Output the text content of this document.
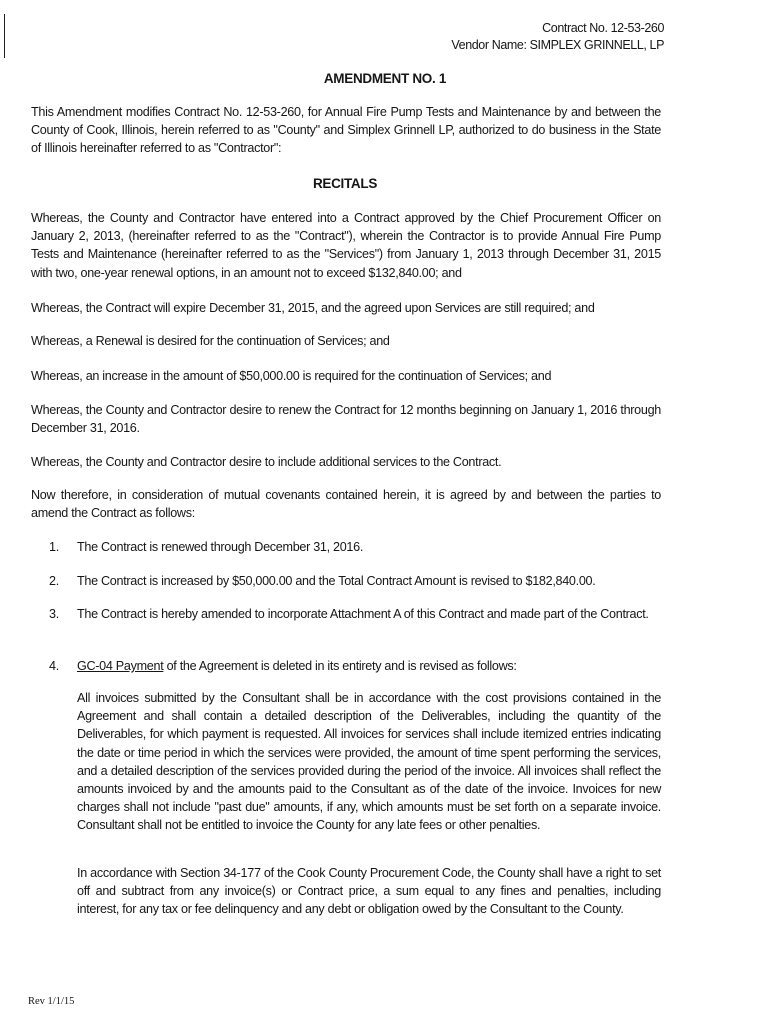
Contract No. 12-53-260
Vendor Name: SIMPLEX GRINNELL, LP
AMENDMENT NO. 1
This Amendment modifies Contract No. 12-53-260, for Annual Fire Pump Tests and Maintenance by and between the County of Cook, Illinois, herein referred to as "County" and Simplex Grinnell LP, authorized to do business in the State of Illinois hereinafter referred to as "Contractor":
RECITALS
Whereas, the County and Contractor have entered into a Contract approved by the Chief Procurement Officer on January 2, 2013, (hereinafter referred to as the "Contract"), wherein the Contractor is to provide Annual Fire Pump Tests and Maintenance (hereinafter referred to as the "Services") from January 1, 2013 through December 31, 2015 with two, one-year renewal options, in an amount not to exceed $132,840.00; and
Whereas, the Contract will expire December 31, 2015, and the agreed upon Services are still required; and
Whereas, a Renewal is desired for the continuation of Services; and
Whereas, an increase in the amount of $50,000.00 is required for the continuation of Services; and
Whereas, the County and Contractor desire to renew the Contract for 12 months beginning on January 1, 2016 through December 31, 2016.
Whereas, the County and Contractor desire to include additional services to the Contract.
Now therefore, in consideration of mutual covenants contained herein, it is agreed by and between the parties to amend the Contract as follows:
1.	The Contract is renewed through December 31, 2016.
2.	The Contract is increased by $50,000.00 and the Total Contract Amount is revised to $182,840.00.
3.	The Contract is hereby amended to incorporate Attachment A of this Contract and made part of the Contract.
4.	GC-04 Payment of the Agreement is deleted in its entirety and is revised as follows:
All invoices submitted by the Consultant shall be in accordance with the cost provisions contained in the Agreement and shall contain a detailed description of the Deliverables, including the quantity of the Deliverables, for which payment is requested. All invoices for services shall include itemized entries indicating the date or time period in which the services were provided, the amount of time spent performing the services, and a detailed description of the services provided during the period of the invoice. All invoices shall reflect the amounts invoiced by and the amounts paid to the Consultant as of the date of the invoice. Invoices for new charges shall not include "past due" amounts, if any, which amounts must be set forth on a separate invoice. Consultant shall not be entitled to invoice the County for any late fees or other penalties.
In accordance with Section 34-177 of the Cook County Procurement Code, the County shall have a right to set off and subtract from any invoice(s) or Contract price, a sum equal to any fines and penalties, including interest, for any tax or fee delinquency and any debt or obligation owed by the Consultant to the County.
Rev 1/1/15
